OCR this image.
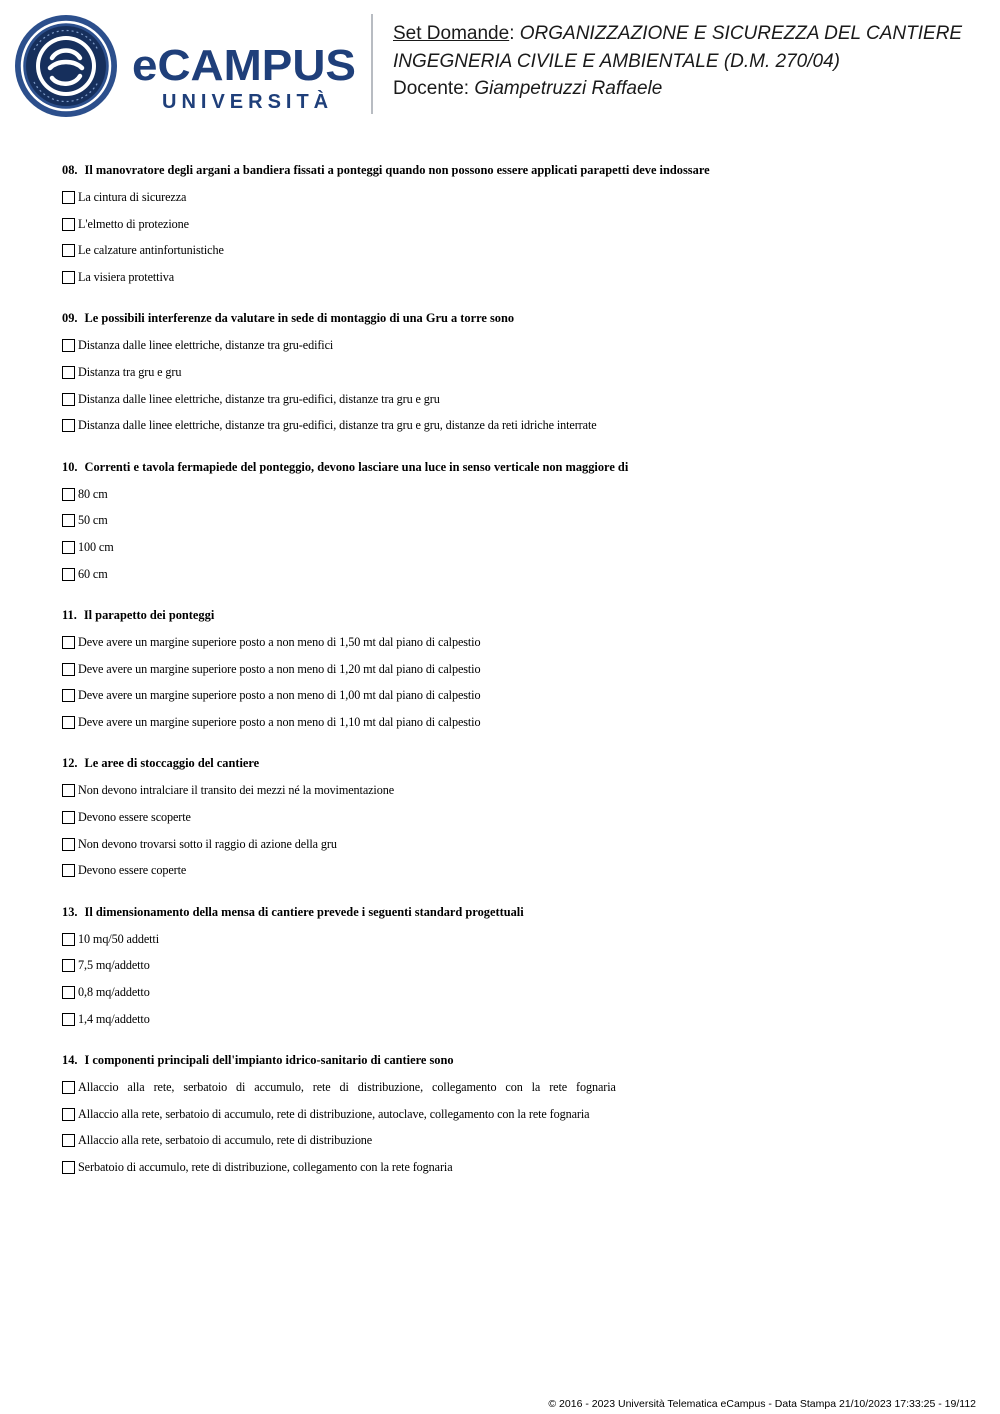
eCAMPUS
UNIVERSITÀ
Set Domande: ORGANIZZAZIONE E SICUREZZA DEL CANTIERE
INGEGNERIA CIVILE E AMBIENTALE (D.M. 270/04)
Docente: Giampetruzzi Raffaele
08. Il manovratore degli argani a bandiera fissati a ponteggi quando non possono essere applicati parapetti deve indossare
La cintura di sicurezza
L'elmetto di protezione
Le calzature antinfortunistiche
La visiera protettiva
09. Le possibili interferenze da valutare in sede di montaggio di una Gru a torre sono
Distanza dalle linee elettriche, distanze tra gru-edifici
Distanza tra gru e gru
Distanza dalle linee elettriche, distanze tra gru-edifici, distanze tra gru e gru
Distanza dalle linee elettriche, distanze tra gru-edifici, distanze tra gru e gru, distanze da reti idriche interrate
10. Correnti e tavola fermapiede del ponteggio, devono lasciare una luce in senso verticale non maggiore di
80 cm
50 cm
100 cm
60 cm
11. Il parapetto dei ponteggi
Deve avere un margine superiore posto a non meno di 1,50 mt dal piano di calpestio
Deve avere un margine superiore posto a non meno di 1,20 mt dal piano di calpestio
Deve avere un margine superiore posto a non meno di 1,00 mt dal piano di calpestio
Deve avere un margine superiore posto a non meno di 1,10 mt dal piano di calpestio
12. Le aree di stoccaggio del cantiere
Non devono intralciare il transito dei mezzi né la movimentazione
Devono essere scoperte
Non devono trovarsi sotto il raggio di azione della gru
Devono essere coperte
13. Il dimensionamento della mensa di cantiere prevede i seguenti standard progettuali
10 mq/50 addetti
7,5 mq/addetto
0,8 mq/addetto
1,4 mq/addetto
14. I componenti principali dell'impianto idrico-sanitario di cantiere sono
Allaccio alla rete, serbatoio di accumulo, rete di distribuzione, collegamento con la rete fognaria
Allaccio alla rete, serbatoio di accumulo, rete di distribuzione, autoclave, collegamento con la rete fognaria
Allaccio alla rete, serbatoio di accumulo, rete di distribuzione
Serbatoio di accumulo, rete di distribuzione, collegamento con la rete fognaria
© 2016 - 2023 Università Telematica eCampus - Data Stampa 21/10/2023 17:33:25 - 19/112
